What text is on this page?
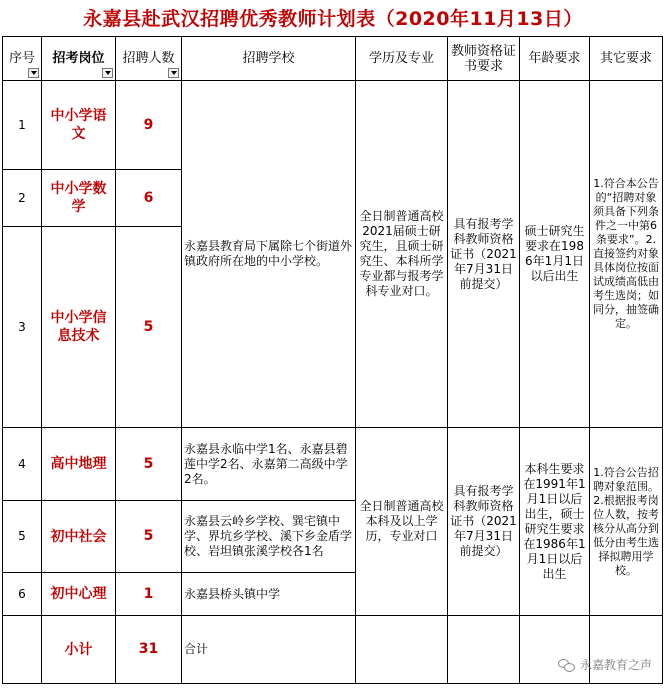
永嘉县赴武汉招聘优秀教师计划表（2020年11月13日）
序号	招考岗位	招聘人数	招聘学校	学历及专业	教师资格证书要求	年龄要求	其它要求
1	中小学语文	9	永嘉县教育局下属除七个街道外镇政府所在地的中小学校。	全日制普通高校2021届硕士研究生，且硕士研究生、本科所学专业都与报考学科专业对口。	具有报考学科教师资格证书（2021年7月31日前提交）	硕士研究生要求在1986年1月1日以后出生	1.符合本公告的“招聘对象须具备下列条件之一中第6条要求”。2.直接签约对象具体岗位按面试成绩高低由考生选岗；如同分，抽签确定。
2	中小学数学	6					
3	中小学信息技术	5					
4	高中地理	5	永嘉县永临中学1名、永嘉县碧莲中学2名、永嘉第二高级中学2名。	全日制普通高校本科及以上学历，专业对口	具有报考学科教师资格证书（2021年7月31日前提交）	本科生要求在1991年1月1日以后出生，硕士研究生要求在1986年1月1日以后出生	1.符合公告招聘对象范围。2.根据报考岗位人数，按考核分从高分到低分由考生选择拟聘用学校。
5	初中社会	5	永嘉县云岭乡学校、巽宅镇中学、界坑乡学校、溪下乡金盾学校、岩坦镇张溪学校各1名				
6	初中心理	1	永嘉县桥头镇中学				
	小计	31	合计				
永嘉教育之声
